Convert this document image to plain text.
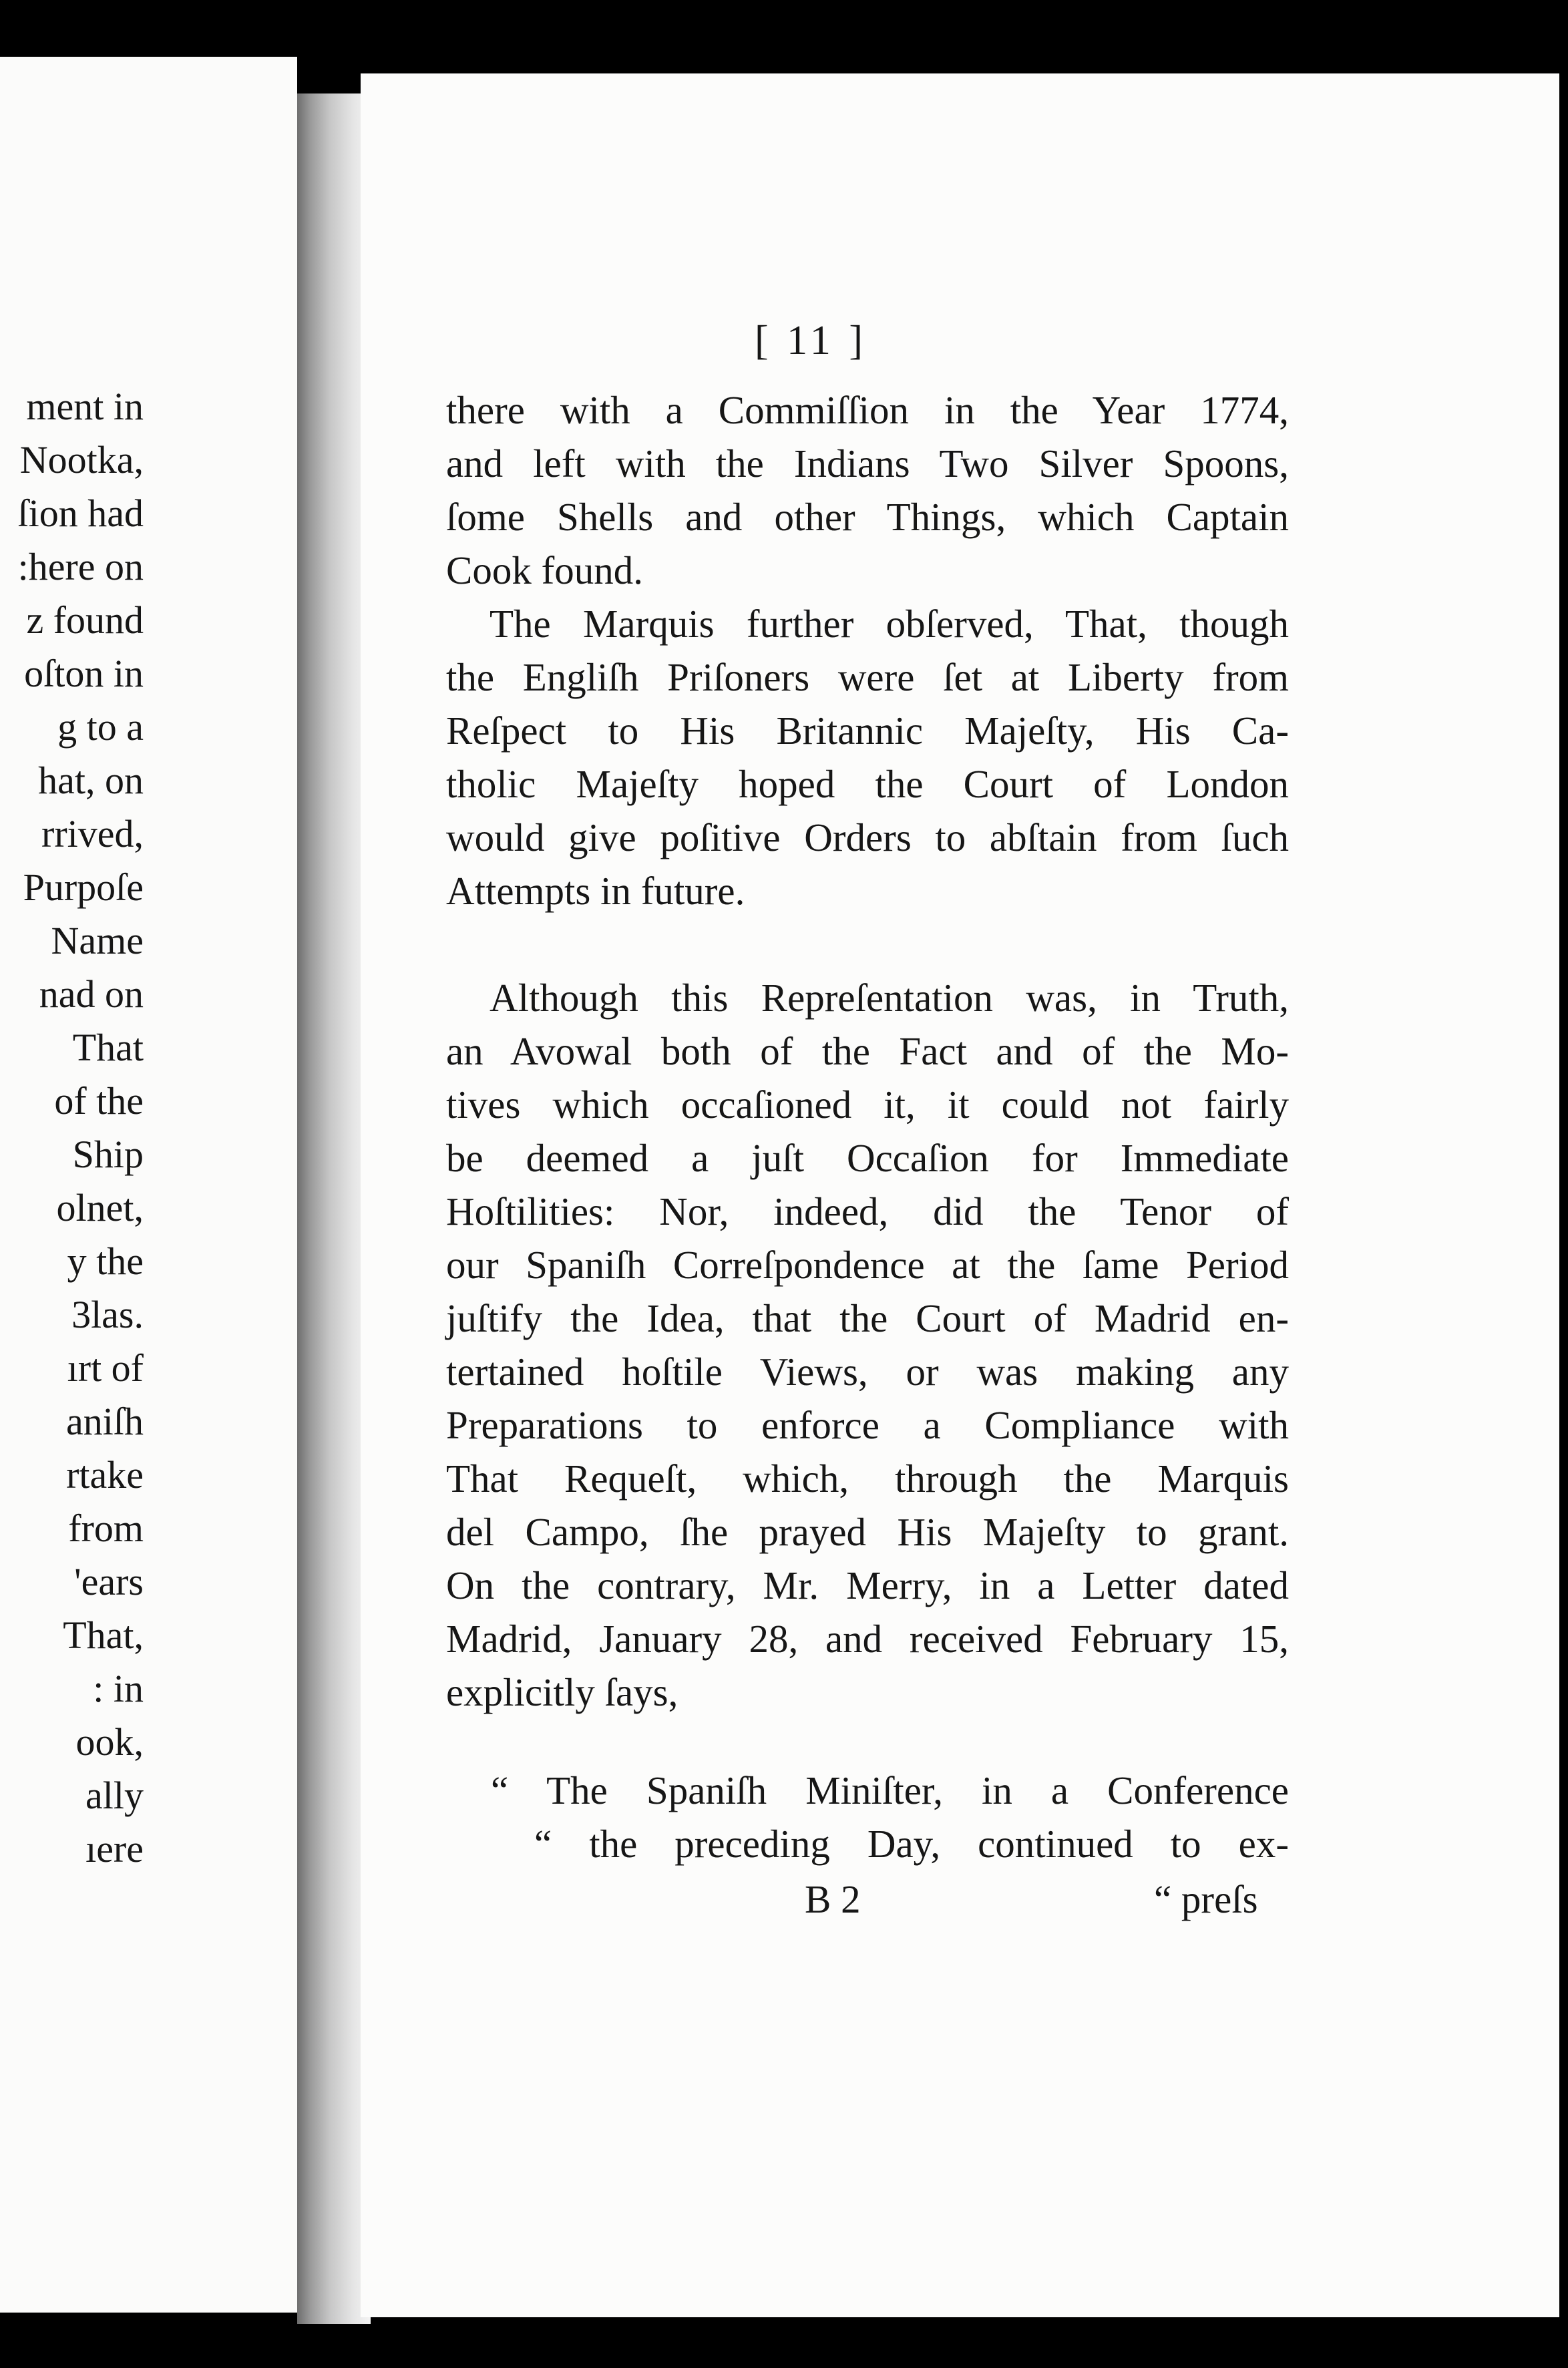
ment in
Nootka,
ſion had
:here on
z found
oſton in
g to a
hat, on
rrived,
Purpoſe
Name
nad on
That
of the
Ship
olnet,
y the
3las.
ırt of
aniſh
rtake
from
'ears
That,
: in
ook,
ally
ıere
[ 11 ]
there with a Commiſſion in the Year 1774,
and left with the Indians Two Silver Spoons,
ſome Shells and other Things, which Captain
Cook found.
The Marquis further obſerved, That, though
the Engliſh Priſoners were ſet at Liberty from
Reſpect to His Britannic Majeſty, His Ca-
tholic Majeſty hoped the Court of London
would give poſitive Orders to abſtain from ſuch
Attempts in future.
Although this Repreſentation was, in Truth,
an Avowal both of the Fact and of the Mo-
tives which occaſioned it, it could not fairly
be deemed a juſt Occaſion for Immediate
Hoſtilities: Nor, indeed, did the Tenor of
our Spaniſh Correſpondence at the ſame Period
juſtify the Idea, that the Court of Madrid en-
tertained hoſtile Views, or was making any
Preparations to enforce a Compliance with
That Requeſt, which, through the Marquis
del Campo, ſhe prayed His Majeſty to grant.
On the contrary, Mr. Merry, in a Letter dated
Madrid, January 28, and received February 15,
explicitly ſays,
“ The Spaniſh Miniſter, in a Conference
“ the preceding Day, continued to ex-
B 2	“ preſs
